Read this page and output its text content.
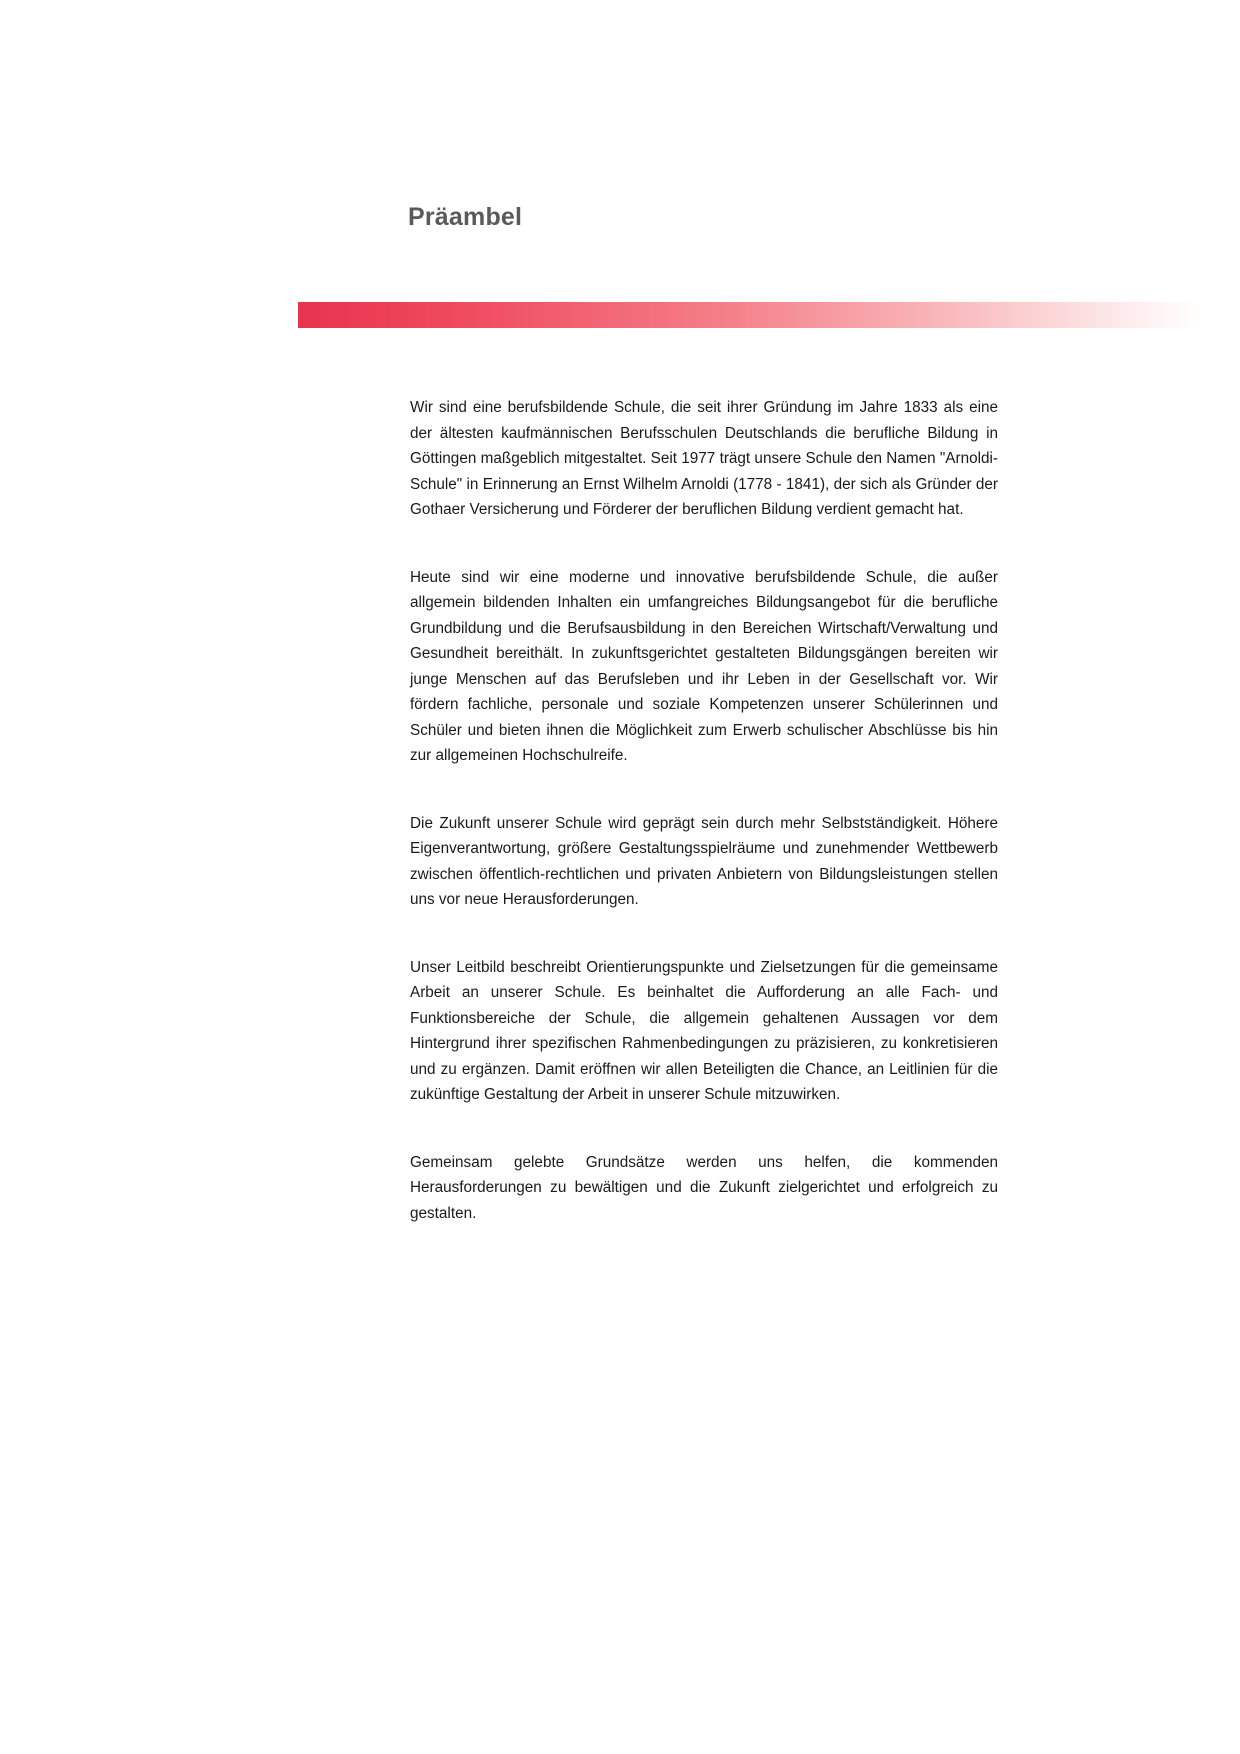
Präambel

Wir sind eine berufsbildende Schule, die seit ihrer Gründung im Jahre 1833 als eine der ältesten kaufmännischen Berufsschulen Deutschlands die berufliche Bildung in Göttingen maßgeblich mitgestaltet. Seit 1977 trägt unsere Schule den Namen "Arnoldi-Schule" in Erinnerung an Ernst Wilhelm Arnoldi (1778 - 1841), der sich als Gründer der Gothaer Versicherung und Förderer der beruflichen Bildung verdient gemacht hat.

Heute sind wir eine moderne und innovative berufsbildende Schule, die außer allgemein bildenden Inhalten ein umfangreiches Bildungsangebot für die berufliche Grundbildung und die Berufsausbildung in den Bereichen Wirtschaft/Verwaltung und Gesundheit bereithält. In zukunftsgerichtet gestalteten Bildungsgängen bereiten wir junge Menschen auf das Berufsleben und ihr Leben in der Gesellschaft vor. Wir fördern fachliche, personale und soziale Kompetenzen unserer Schülerinnen und Schüler und bieten ihnen die Möglichkeit zum Erwerb schulischer Abschlüsse bis hin zur allgemeinen Hochschulreife.

Die Zukunft unserer Schule wird geprägt sein durch mehr Selbstständigkeit. Höhere Eigenverantwortung, größere Gestaltungsspielräume und zunehmender Wettbewerb zwischen öffentlich-rechtlichen und privaten Anbietern von Bildungsleistungen stellen uns vor neue Herausforderungen.

Unser Leitbild beschreibt Orientierungspunkte und Zielsetzungen für die gemeinsame Arbeit an unserer Schule. Es beinhaltet die Aufforderung an alle Fach- und Funktionsbereiche der Schule, die allgemein gehaltenen Aussagen vor dem Hintergrund ihrer spezifischen Rahmenbedingungen zu präzisieren, zu konkretisieren und zu ergänzen. Damit eröffnen wir allen Beteiligten die Chance, an Leitlinien für die zukünftige Gestaltung der Arbeit in unserer Schule mitzuwirken.

Gemeinsam gelebte Grundsätze werden uns helfen, die kommenden Herausforderungen zu bewältigen und die Zukunft zielgerichtet und erfolgreich zu gestalten.
